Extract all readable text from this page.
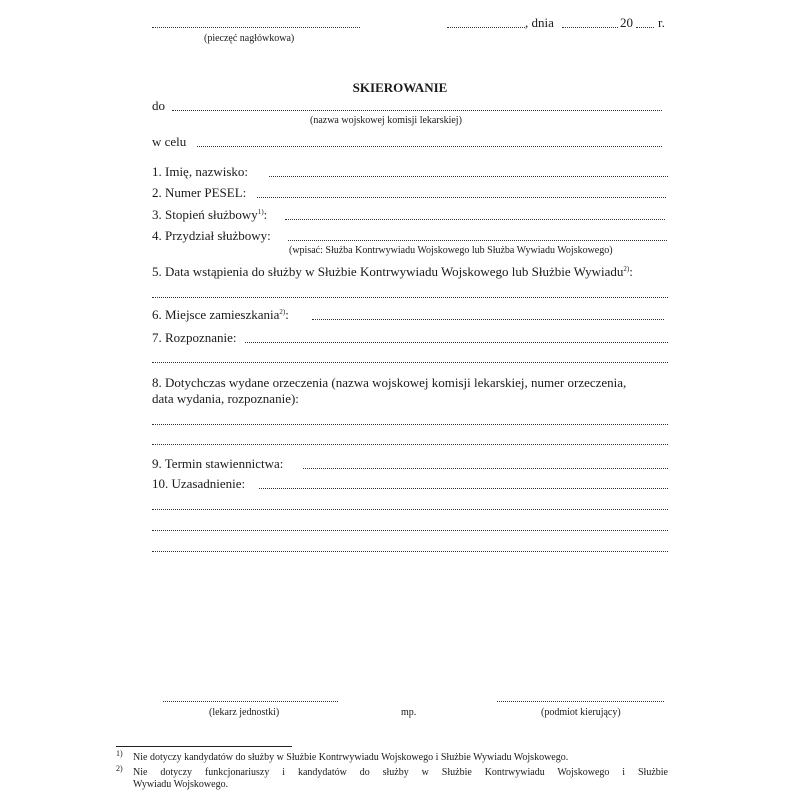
(pieczęć nagłówkowa)
, dnia	20 r.
SKIEROWANIE
do
(nazwa wojskowej komisji lekarskiej)
w celu
1. Imię, nazwisko:
2. Numer PESEL:
3. Stopień służbowy$^{1)}$:
4. Przydział służbowy:
(wpisać: Służba Kontrwywiadu Wojskowego lub Służba Wywiadu Wojskowego)
5. Data wstąpienia do służby w Służbie Kontrwywiadu Wojskowego lub Służbie Wywiadu$^{2)}$:
6. Miejsce zamieszkania$^{2)}$:
7. Rozpoznanie:
8. Dotychczas wydane orzeczenia (nazwa wojskowej komisji lekarskiej, numer orzeczenia,
data wydania, rozpoznanie):
9. Termin stawiennictwa:
10. Uzasadnienie:
(lekarz jednostki)	mp.	(podmiot kierujący)
1) Nie dotyczy kandydatów do służby w Służbie Kontrwywiadu Wojskowego i Służbie Wywiadu Wojskowego.
2) Nie dotyczy funkcjonariuszy i kandydatów do służby w Służbie Kontrwywiadu Wojskowego i Służbie
Wywiadu Wojskowego.
